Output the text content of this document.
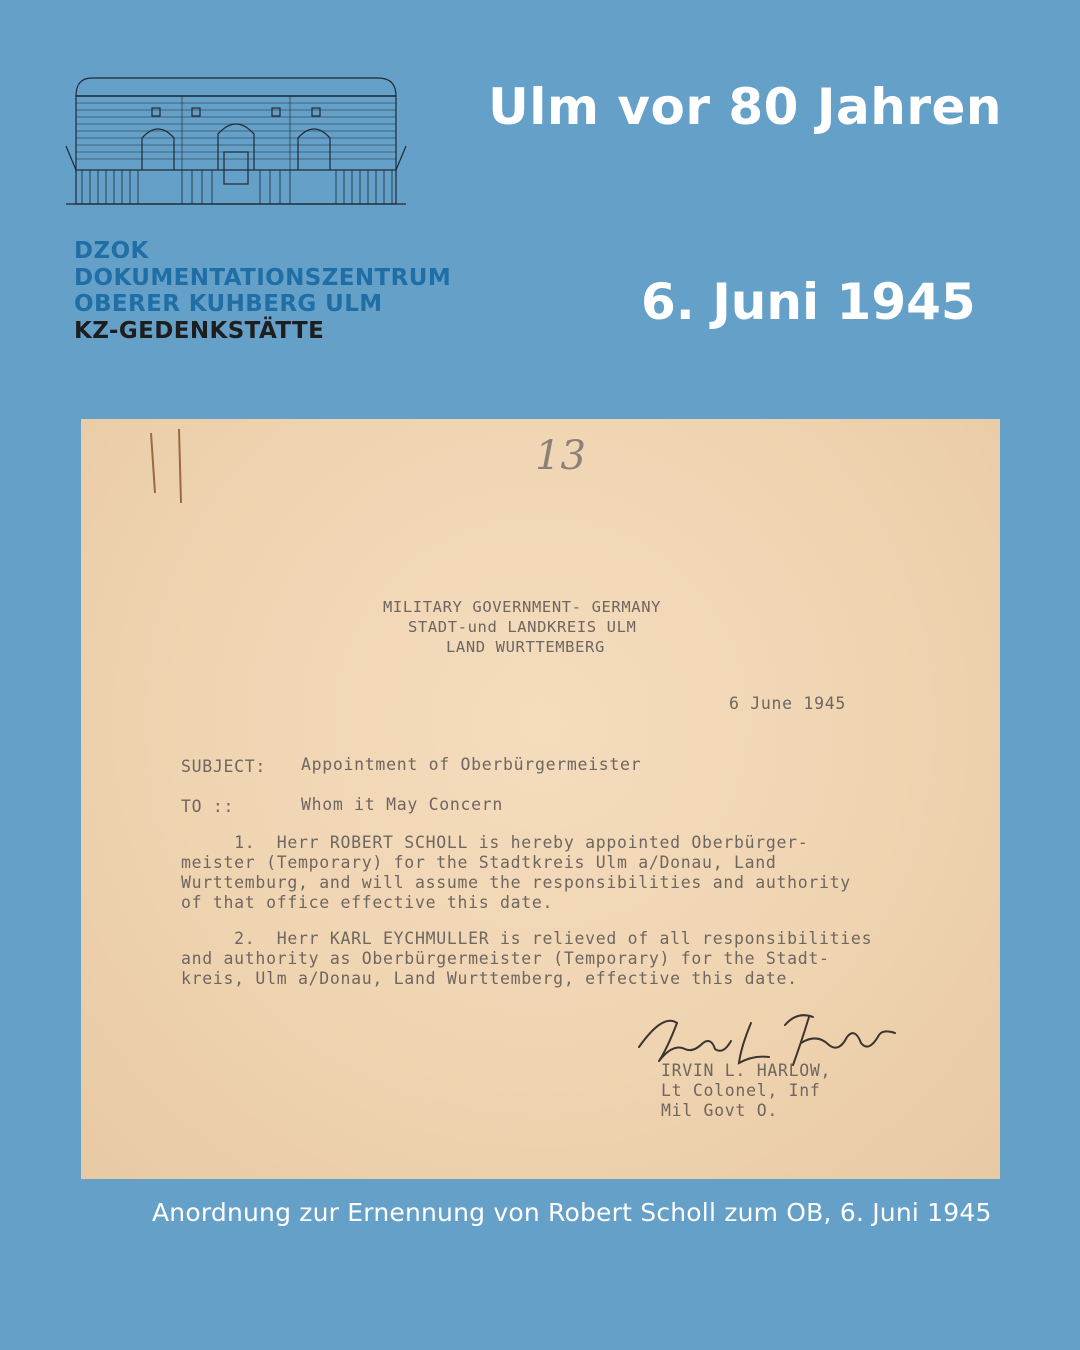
DZOK
DOKUMENTATIONSZENTRUM
OBERER KUHBERG ULM
KZ-GEDENKSTÄTTE
Ulm vor 80 Jahren
6. Juni 1945
13
MILITARY GOVERNMENT- GERMANY
STADT-und LANDKREIS ULM
LAND WURTTEMBERG
6 June 1945
SUBJECT: Appointment of Oberbürgermeister
TO ::	Whom it May Concern
1.  Herr ROBERT SCHOLL is hereby appointed Oberbürger-
meister (Temporary) for the Stadtkreis Ulm a/Donau, Land
Wurttemburg, and will assume the responsibilities and authority
of that office effective this date.
2.  Herr KARL EYCHMULLER is relieved of all responsibilities
and authority as Oberbürgermeister (Temporary) for the Stadt-
kreis, Ulm a/Donau, Land Wurttemberg, effective this date.
IRVIN L. HARLOW,
Lt Colonel, Inf
Mil Govt O.
Anordnung zur Ernennung von Robert Scholl zum OB, 6. Juni 1945
